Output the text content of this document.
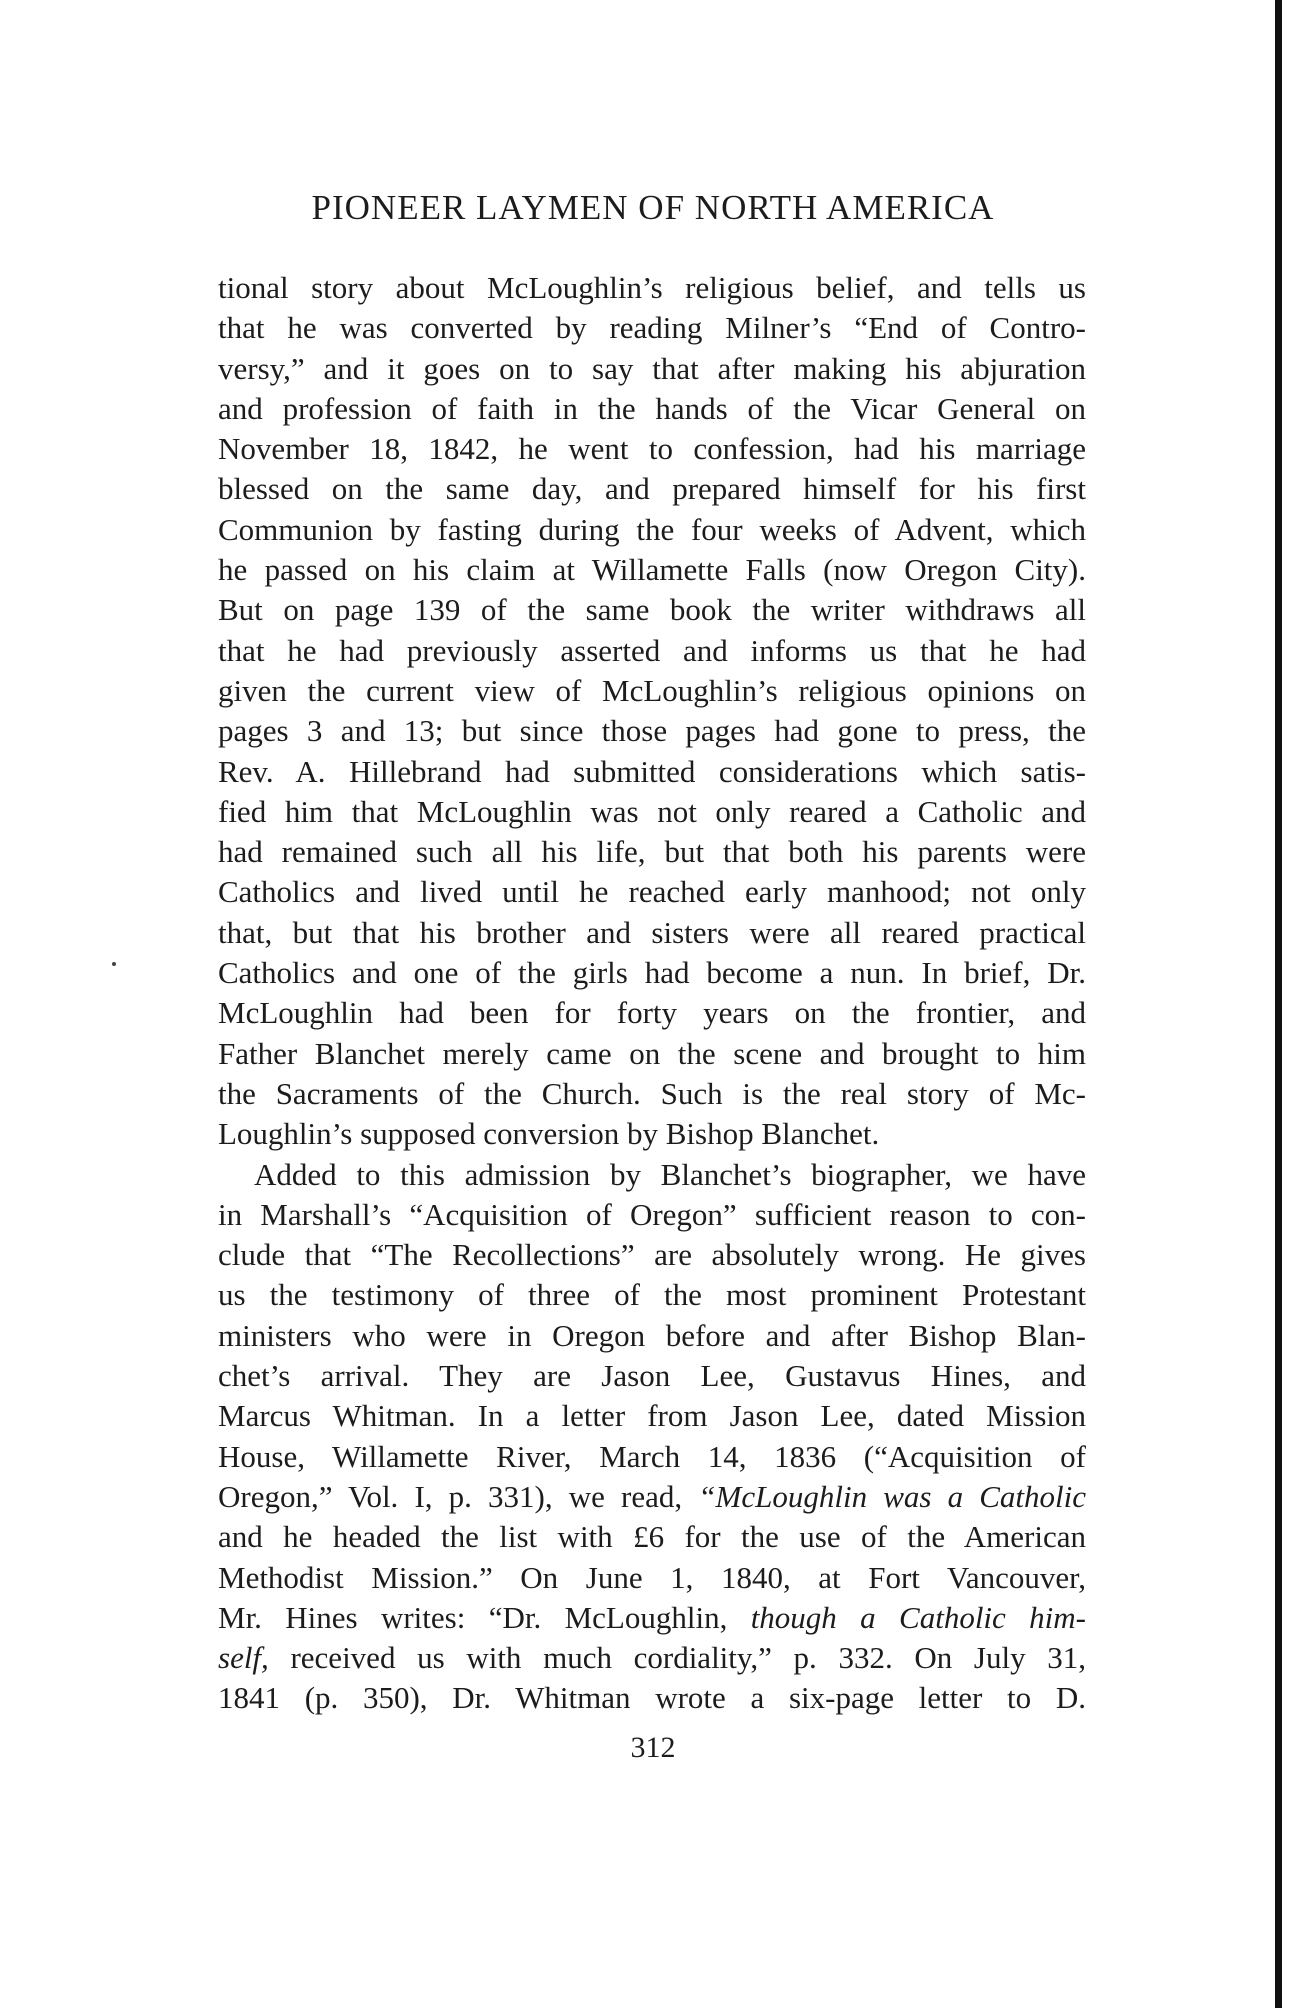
PIONEER LAYMEN OF NORTH AMERICA
tional story about McLoughlin’s religious belief, and tells us
that he was converted by reading Milner’s “End of Contro-
versy,” and it goes on to say that after making his abjuration
and profession of faith in the hands of the Vicar General on
November 18, 1842, he went to confession, had his marriage
blessed on the same day, and prepared himself for his first
Communion by fasting during the four weeks of Advent, which
he passed on his claim at Willamette Falls (now Oregon City).
But on page 139 of the same book the writer withdraws all
that he had previously asserted and informs us that he had
given the current view of McLoughlin’s religious opinions on
pages 3 and 13; but since those pages had gone to press, the
Rev. A. Hillebrand had submitted considerations which satis-
fied him that McLoughlin was not only reared a Catholic and
had remained such all his life, but that both his parents were
Catholics and lived until he reached early manhood; not only
that, but that his brother and sisters were all reared practical
Catholics and one of the girls had become a nun. In brief, Dr.
McLoughlin had been for forty years on the frontier, and
Father Blanchet merely came on the scene and brought to him
the Sacraments of the Church. Such is the real story of Mc-
Loughlin’s supposed conversion by Bishop Blanchet.
Added to this admission by Blanchet’s biographer, we have
in Marshall’s “Acquisition of Oregon” sufficient reason to con-
clude that “The Recollections” are absolutely wrong. He gives
us the testimony of three of the most prominent Protestant
ministers who were in Oregon before and after Bishop Blan-
chet’s arrival. They are Jason Lee, Gustavus Hines, and
Marcus Whitman. In a letter from Jason Lee, dated Mission
House, Willamette River, March 14, 1836 (“Acquisition of
Oregon,” Vol. I, p. 331), we read, “McLoughlin was a Catholic
and he headed the list with £6 for the use of the American
Methodist Mission.” On June 1, 1840, at Fort Vancouver,
Mr. Hines writes: “Dr. McLoughlin, though a Catholic him-
self, received us with much cordiality,” p. 332. On July 31,
1841 (p. 350), Dr. Whitman wrote a six-page letter to D.
312
